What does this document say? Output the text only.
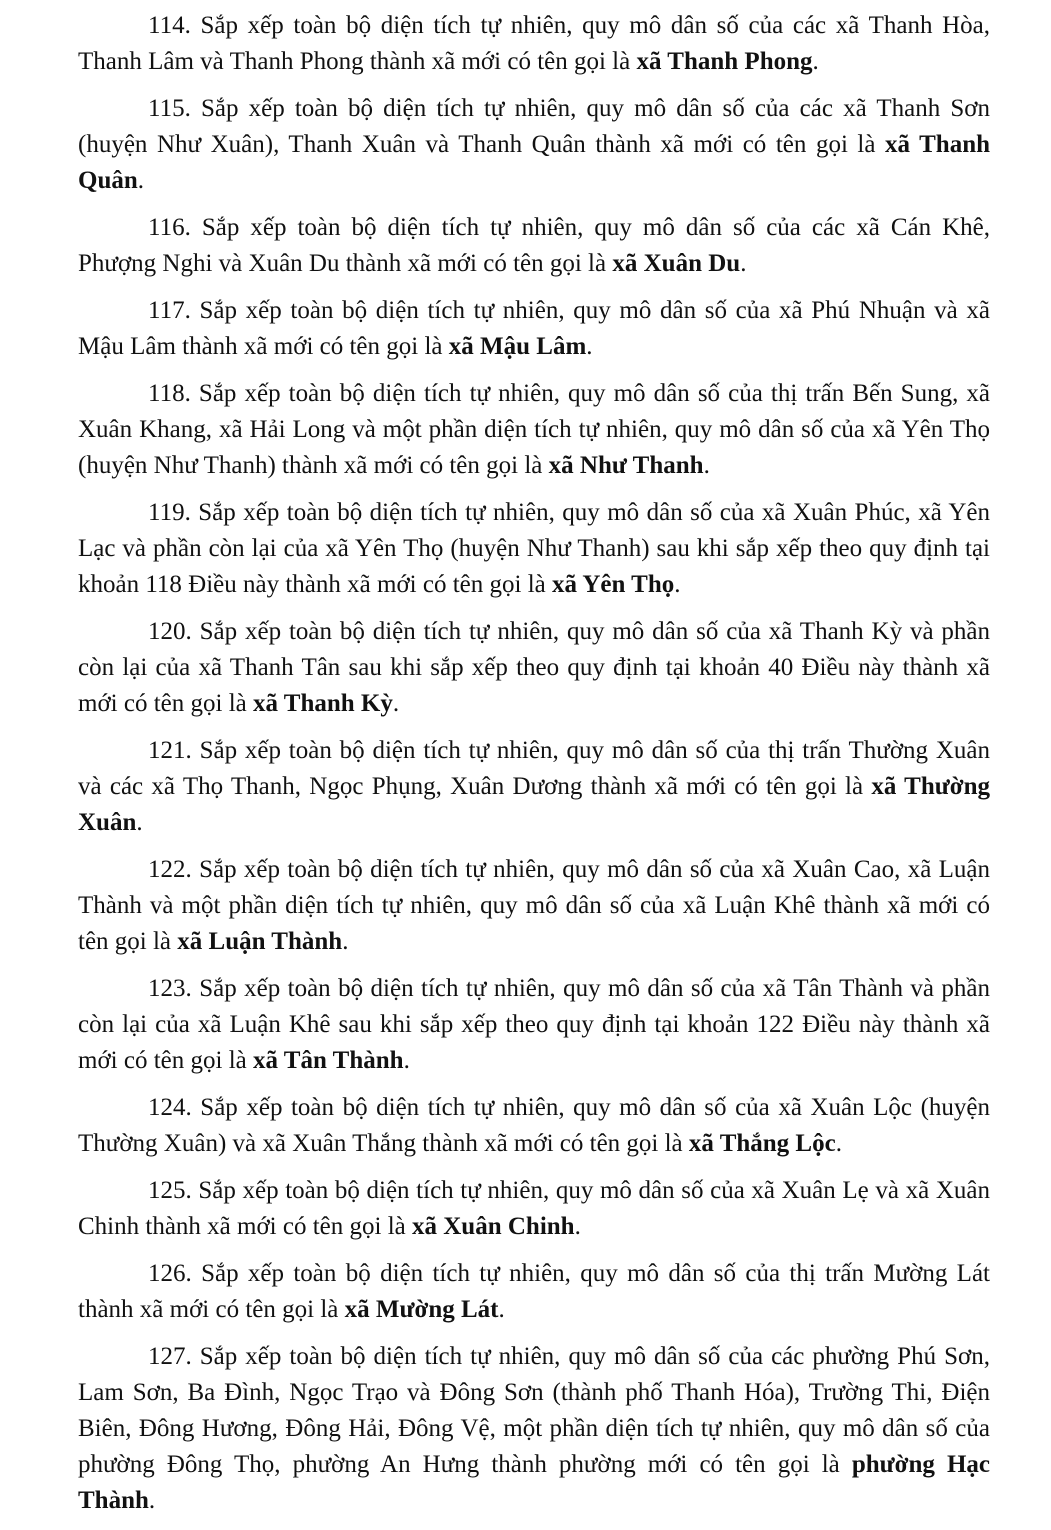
114. Sắp xếp toàn bộ diện tích tự nhiên, quy mô dân số của các xã Thanh Hòa, Thanh Lâm và Thanh Phong thành xã mới có tên gọi là xã Thanh Phong.

115. Sắp xếp toàn bộ diện tích tự nhiên, quy mô dân số của các xã Thanh Sơn (huyện Như Xuân), Thanh Xuân và Thanh Quân thành xã mới có tên gọi là xã Thanh Quân.

116. Sắp xếp toàn bộ diện tích tự nhiên, quy mô dân số của các xã Cán Khê, Phượng Nghi và Xuân Du thành xã mới có tên gọi là xã Xuân Du.

117. Sắp xếp toàn bộ diện tích tự nhiên, quy mô dân số của xã Phú Nhuận và xã Mậu Lâm thành xã mới có tên gọi là xã Mậu Lâm.

118. Sắp xếp toàn bộ diện tích tự nhiên, quy mô dân số của thị trấn Bến Sung, xã Xuân Khang, xã Hải Long và một phần diện tích tự nhiên, quy mô dân số của xã Yên Thọ (huyện Như Thanh) thành xã mới có tên gọi là xã Như Thanh.

119. Sắp xếp toàn bộ diện tích tự nhiên, quy mô dân số của xã Xuân Phúc, xã Yên Lạc và phần còn lại của xã Yên Thọ (huyện Như Thanh) sau khi sắp xếp theo quy định tại khoản 118 Điều này thành xã mới có tên gọi là xã Yên Thọ.

120. Sắp xếp toàn bộ diện tích tự nhiên, quy mô dân số của xã Thanh Kỳ và phần còn lại của xã Thanh Tân sau khi sắp xếp theo quy định tại khoản 40 Điều này thành xã mới có tên gọi là xã Thanh Kỳ.

121. Sắp xếp toàn bộ diện tích tự nhiên, quy mô dân số của thị trấn Thường Xuân và các xã Thọ Thanh, Ngọc Phụng, Xuân Dương thành xã mới có tên gọi là xã Thường Xuân.

122. Sắp xếp toàn bộ diện tích tự nhiên, quy mô dân số của xã Xuân Cao, xã Luận Thành và một phần diện tích tự nhiên, quy mô dân số của xã Luận Khê thành xã mới có tên gọi là xã Luận Thành.

123. Sắp xếp toàn bộ diện tích tự nhiên, quy mô dân số của xã Tân Thành và phần còn lại của xã Luận Khê sau khi sắp xếp theo quy định tại khoản 122 Điều này thành xã mới có tên gọi là xã Tân Thành.

124. Sắp xếp toàn bộ diện tích tự nhiên, quy mô dân số của xã Xuân Lộc (huyện Thường Xuân) và xã Xuân Thắng thành xã mới có tên gọi là xã Thắng Lộc.

125. Sắp xếp toàn bộ diện tích tự nhiên, quy mô dân số của xã Xuân Lẹ và xã Xuân Chinh thành xã mới có tên gọi là xã Xuân Chinh.

126. Sắp xếp toàn bộ diện tích tự nhiên, quy mô dân số của thị trấn Mường Lát thành xã mới có tên gọi là xã Mường Lát.

127. Sắp xếp toàn bộ diện tích tự nhiên, quy mô dân số của các phường Phú Sơn, Lam Sơn, Ba Đình, Ngọc Trạo và Đông Sơn (thành phố Thanh Hóa), Trường Thi, Điện Biên, Đông Hương, Đông Hải, Đông Vệ, một phần diện tích tự nhiên, quy mô dân số của phường Đông Thọ, phường An Hưng thành phường mới có tên gọi là phường Hạc Thành.
